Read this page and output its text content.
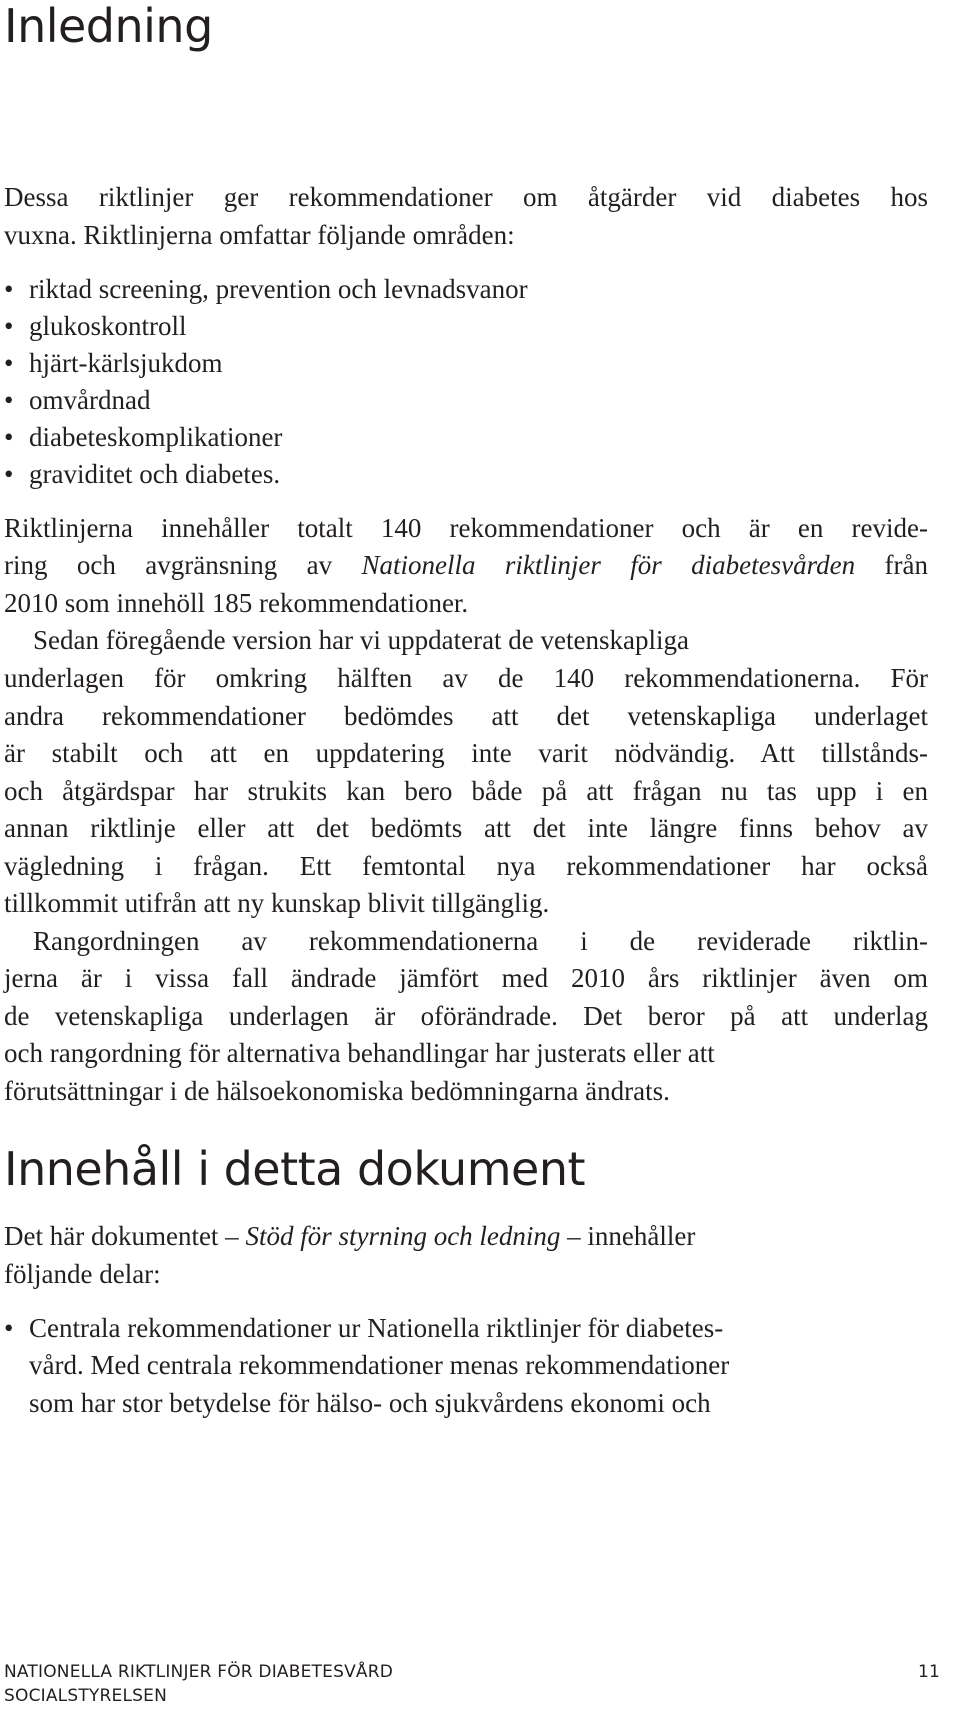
Inledning
Dessa riktlinjer ger rekommendationer om åtgärder vid diabetes hos
vuxna. Riktlinjerna omfattar följande områden:
• riktad screening, prevention och levnadsvanor
• glukoskontroll
• hjärt-kärlsjukdom
• omvårdnad
• diabeteskomplikationer
• graviditet och diabetes.
Riktlinjerna innehåller totalt 140 rekommendationer och är en revide-
ring och avgränsning av Nationella riktlinjer för diabetesvården från
2010 som innehöll 185 rekommendationer.
Sedan föregående version har vi uppdaterat de vetenskapliga
underlagen för omkring hälften av de 140 rekommendationerna. För
andra rekommendationer bedömdes att det vetenskapliga underlaget
är stabilt och att en uppdatering inte varit nödvändig. Att tillstånds-
och åtgärdspar har strukits kan bero både på att frågan nu tas upp i en
annan riktlinje eller att det bedömts att det inte längre finns behov av
vägledning i frågan. Ett femtontal nya rekommendationer har också
tillkommit utifrån att ny kunskap blivit tillgänglig.
Rangordningen av rekommendationerna i de reviderade riktlin-
jerna är i vissa fall ändrade jämfört med 2010 års riktlinjer även om
de vetenskapliga underlagen är oförändrade. Det beror på att underlag
och rangordning för alternativa behandlingar har justerats eller att
förutsättningar i de hälsoekonomiska bedömningarna ändrats.
Innehåll i detta dokument
Det här dokumentet – Stöd för styrning och ledning – innehåller
följande delar:
• Centrala rekommendationer ur Nationella riktlinjer för diabetes-
vård. Med centrala rekommendationer menas rekommendationer
som har stor betydelse för hälso- och sjukvårdens ekonomi och
NATIONELLA RIKTLINJER FÖR DIABETESVÅRD
SOCIALSTYRELSEN
11
